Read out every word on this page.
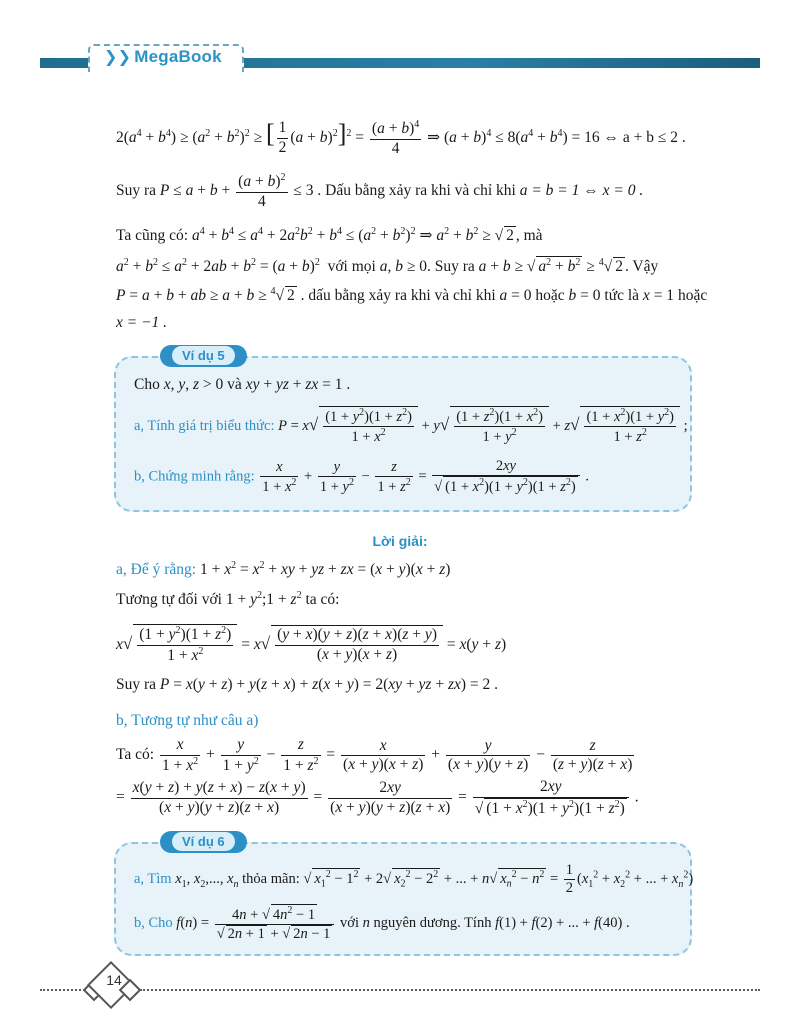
❯❯ MegaBook
$2(a^4 + b^4) \ge (a^2 + b^2)^2$ ≥ [ $\frac{1}{2} (a + b)^2]^2 = \frac{(a + b)^4}{4}$ ⇒ $(a + b)^4 \le 8(a^4 + b^4) = 16$ ⇔ a + b ≤ 2 .
Suy ra $P \le a + b + \frac{(a + b)^2}{4} \le 3$ . Dấu bằng xảy ra khi và chỉ khi a = b = 1 ⇔ x = 0 .
Ta cũng có: $a^4 + b^4 \le a^4 + 2a^2b^2 + b^4 \le (a^2 + b^2)^2$ ⇒ $a^2 + b^2$ ≥ √ 2 , mà
$a^2 + b^2 \le a^2 + 2ab + b^2 = (a + b)^2$ với mọi a, b ≥ 0. Suy ra a + b ≥ √ $a^2 + b^2 \ge ^4√$ 2 . Vậy
P = a + b + ab ≥ a + b ≥ $^4$√ 2 . dấu bằng xảy ra khi và chỉ khi a = 0 hoặc b = 0 tức là x = 1 hoặc
x = −1 .
Ví dụ 5
Cho x, y, z > 0 và xy + yz + zx = 1 .
a, Tính giá trị biểu thức: $P = x√ \frac{(1 + y^2)(1 + z^2)}{1 + x^2} + y√ \frac{(1 + z^2)(1 + x^2)}{1 + y^2} + z√ \frac{(1 + x^2)(1 + y^2)}{1 + z^2}$ ;
b, Chứng minh rằng: $\frac{x}{1 + x^2} + \frac{y}{1 + y^2} - \frac{z}{1 + z^2} = \frac{2xy}{√ (1 + x^2)(1 + y^2)(1 + z^2)}$ .
Lời giải:
a, Để ý rằng: $1 + x^2 = x^2$ + xy + yz + zx = (x + y)(x + z)
Tương tự đối với $1 + y^2;1 + z^2$ ta có:
$x√ \frac{(1 + y^2)(1 + z^2)}{1 + x^2} = x√ \frac{(y + x)(y + z)(z + x)(z + y)}{(x + y)(x + z)} = x(y + z)$
Suy ra P = x(y + z) + y(z + x) + z(x + y) = 2(xy + yz + zx) = 2 .
b, Tương tự như câu a)
Ta có: $\frac{x}{1 + x^2} + \frac{y}{1 + y^2} - \frac{z}{1 + z^2} = \frac{x}{(x + y)(x + z)} + \frac{y}{(x + y)(y + z)} - \frac{z}{(z + y)(z + x)}$
= $\frac{x(y + z) + y(z + x) - z(x + y)}{(x + y)(y + z)(z + x)} = \frac{2xy}{(x + y)(y + z)(z + x)} = \frac{2xy}{√ (1 + x^2)(1 + y^2)(1 + z^2)}$ .
Ví dụ 6
a, Tìm $x_1$, $x_2$,..., $x_n$ thỏa mãn: √ $x_1^2 - 1^2 + 2√$ $x_2^2 - 2^2$ + ... + n√ $x_n^2 - n^2 = \frac{1}{2} (x_1^2 + x_2^2$ + ... + $x_n^2$)
b, Cho $f(n) = \frac{4n + √ 4n^2 - 1}{√ 2n + 1 + √ 2n - 1}$ với n nguyên dương. Tính f(1) + f(2) + ... + f(40) .
14
